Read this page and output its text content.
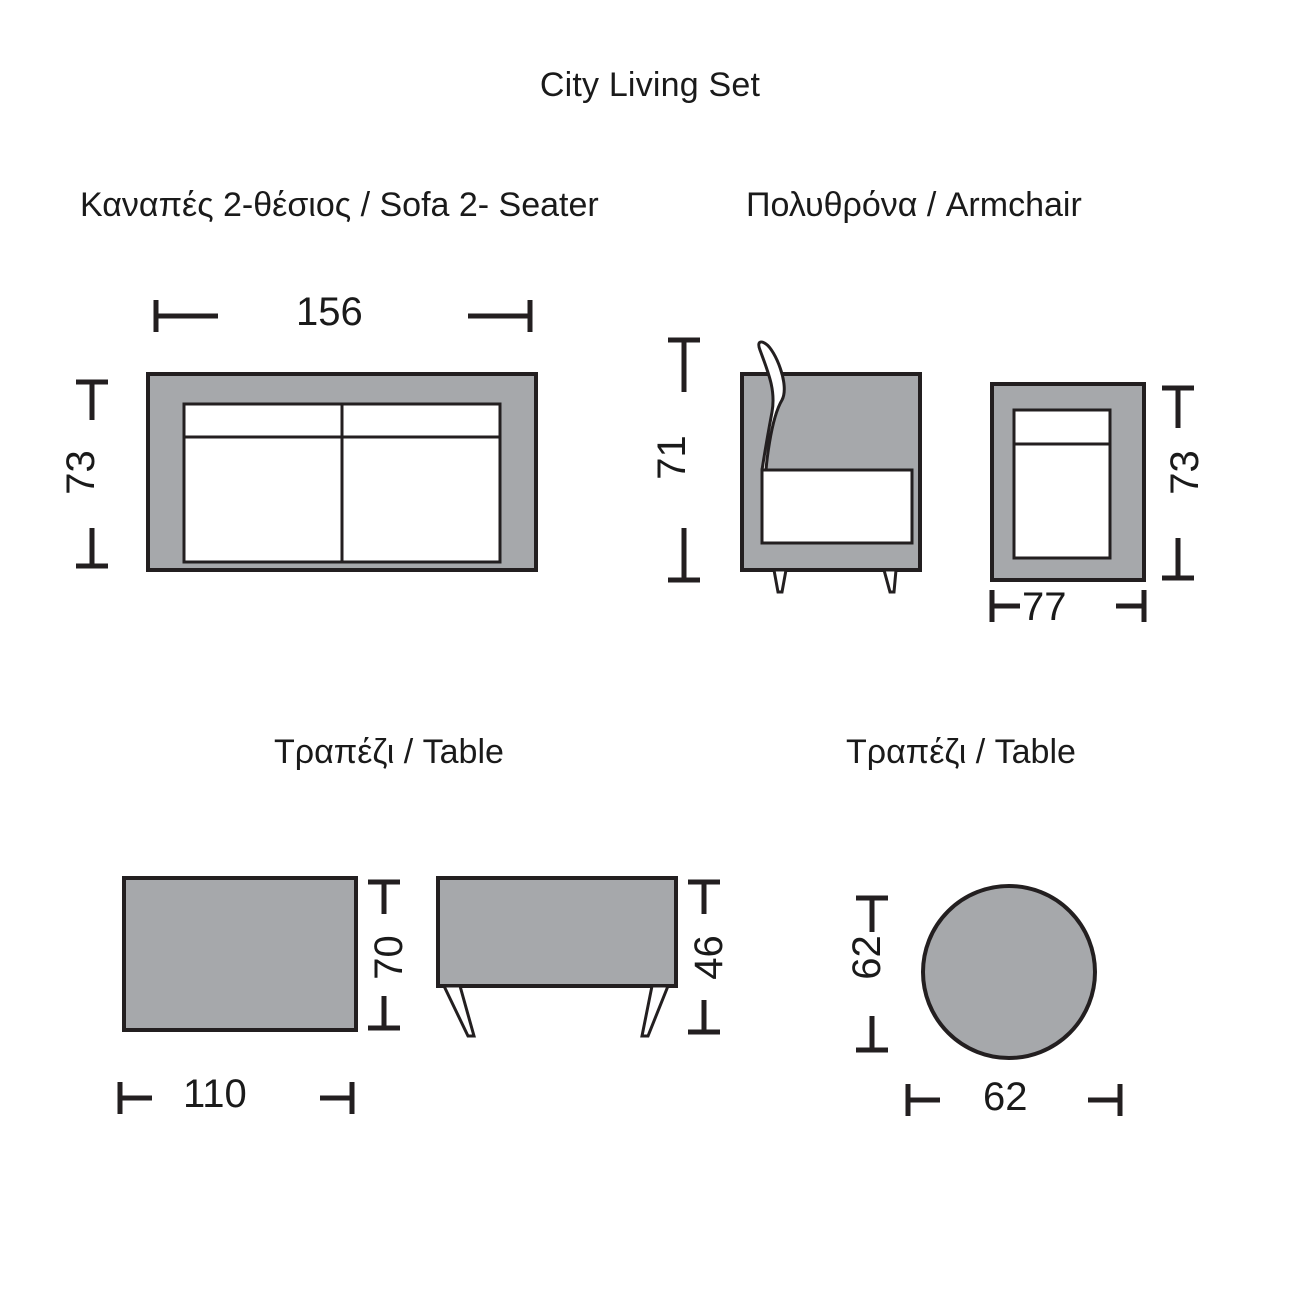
City Living Set
Καναπές 2-θέσιος / Sofa 2- Seater	Πολυθρόνα / Armchair
Τραπέζι / Table	Τραπέζι / Table
156
73	71	73
77
70	46
110
62
62
